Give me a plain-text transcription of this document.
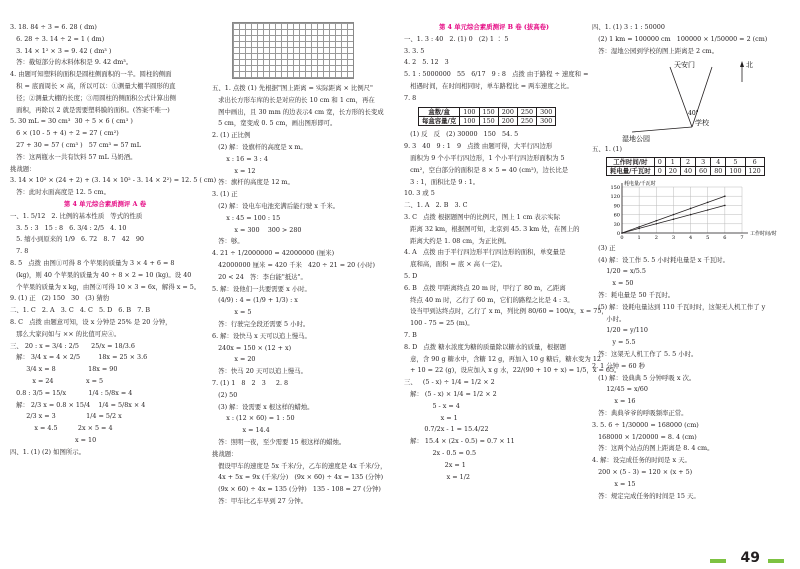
3. 18. 84 ÷ 3 = 6. 28 ( dm)
6. 28 ÷ 3. 14 ÷ 2 = 1 ( dm)
3. 14 × 1² × 3 = 9. 42 ( dm³ )
答：截短部分的木料体积是 9. 42 dm³。
4. 由题可知塑料的面积是圆柱侧面积的一半。圆柱的侧面
积 = 底面周长 × 高，所以可以：①测量大棚半圆形的直
径；②测量大棚的长度；③用圆柱的侧面积公式计算出侧
面积，再除以 2 就是需要塑料膜的面积。(答案不唯一)
5. 30 mL = 30 cm³  30 ÷ 5 × 6 ( cm³ )
6 × (10 - 5 + 4) ÷ 2 = 27 ( cm²)
27 + 30 = 57 ( cm³ )   57 cm³ = 57 mL
答：这两瓶水一共有饮料 57 mL 马奶酒。
挑战题：
3. 14 × 10² × (24 + 2) + (3. 14 × 10² - 3. 14 × 2²) = 12. 5 ( cm)
答：此时水面高度是 12. 5 cm。
第 4 单元综合素质测评 A 卷
一、1. 5/12   2. 比例的基本性质   等式的性质
3. 5 : 3   15 : 8   6. 3/4 : 2/5   4. 10
5. 缩小到原来的 1/9   6. 72   8. 7   42   90
7. 8
8. 5   点拨 由图①可得 8 个苹果的质量为 3 × 4 + 6 = 8
(kg)，则 40 个苹果的质量为 40 ÷ 8 × 2 = 10 (kg)。设 40
个苹果的质量为 x kg，由图②可得 10 × 3 = 6x，解得 x = 5。
9. (1) 正   (2) 150   30   (3) 猜豹
二、1. C   2. A   3. C   4. C   5. D   6. B   7. B
8. C   点拨 由题意可知，设 x 分钟是 25% 是 20 分钟，
那么大家问如与 ×× 的比值可应④。
三、 20 : x = 3/4 : 2/5      25/x = 18/3.6
解： 3/4 x = 4 × 2/5         18x = 25 × 3.6
3/4 x = 8                18x = 90
x = 24                x = 5
0.8 : 3/5 = 15/x           1/4 : 5/8x = 4
解： 2/3 x = 0.8 × 15/4    1/4 = 5/8x × 4
2/3 x = 3               1/4 = 5/2 x
x = 4.5          2x × 5 = 4
x = 10
四、1. (1) (2) 如图所示。
五、1. 点拨 (1) 先根据"图上距离 = 实际距离 × 比例尺"
求出长方形车库的长是对应的长 10 cm 和 1 cm，再在
图中画出，且 30 mm 的边表示4 cm 宽，长方形的长变成
5 cm，宽变成 0. 5 cm，画出图形即可。
2. (1) 正比例
(2) 解：设旗杆的高度是 x m。
x : 16 = 3 : 4
x = 12
答：旗杆的高度是 12 m。
3. (1) 正
(2) 解：设电车电池充满后能行驶 x 千米。
x : 45 = 100 : 15
x = 300    300 > 280
答：够。
4. 21 ÷ 1/2000000 = 42000000 (厘米)
42000000 厘米 = 420 千米   420 ÷ 21 = 20 (小时)
20 < 24   答：李白能"抵达"。
5. 解：设他们一共要需要 x 小时。
(4/9) : 4 = (1/9 + 1/3) : x
x = 5
答：行驶完全段还需要 5 小时。
6. 解：设快马 x 天可以追上慢马。
240x = 150 × (12 + x)
x = 20
答：快马 20 天可以追上慢马。
7. (1) 1   8   2   3     2. 8
(2) 50
(3) 解：设需要 x 根这样的蜡烛。
x : (12 × 60) = 1 : 50
x = 14.4
答：照明一夜，至少需要 15 根这样的蜡烛。
挑战题：
假设甲车的速度是 5x 千米/分，乙车的速度是 4x 千米/分，
4x + 5x = 9x (千米/分)   (9x × 60) ÷ 4x = 135 (分钟)
(9x × 60) ÷ 4x = 135 (分钟)   135 - 108 = 27 (分钟)
答：甲车比乙车早到 27 分钟。
第 4 单元综合素质测评 B 卷 (拔高卷)
一、1. 3 : 40   2. (1) 0   (2) 1 ∶ 5
3. 3. 5
4. 2   5. 12   3
5. 1 : 5000000   55   6/17   9 : 8   点拨 由于路程 ÷ 速度和 =
相遇时间，在时间相同时，单车路程比 = 两车速度之比。
7. 8
盒数/盒	100	150	200	250	300
每盒容量/克	100	150	200	250	300
(1) 反   反   (2) 30000   150   54. 5
9. 3   40   9 : 1   9   点拨 由题可得，大平行四边形
面积为 9 个小平行四边形，1 个小平行四边形面积为 5
cm²，空白部分的面积是 8 × 5 = 40 (cm²)，边长比是
3 : 1，面积比是 9 : 1。
10. 3 或 5
二、1. A   2. B   3. C
3. C   点拨 根据题图中的比例尺，图上 1 cm 表示实际
距离 32 km，根据图可知，北京到 45. 3 km 处，在图上的
距离大约是 1. 08 cm，为正比例。
4. A   点拨 由于平行四边形平行四边形的面积，单变量是
底和高，面积 = 底 × 高 (一定)。
5. D
6. B   点拨 甲距离终点 20 m 时，甲行了 80 m，乙距离
终点 40 m 时，乙行了 60 m，它们的路程之比是 4 : 3。
设当甲到达终点时，乙行了 x m，列比例 80/60 = 100/x，x = 75，
100 - 75 = 25 (m)。
7. B
8. D   点拨 糖水浓度为糖的质量除以糖水的质量，根据题
意，含 90 g 糖水中，含糖 12 g，再加入 10 g 糖后，糖水变为 12
+ 10 = 22 (g)，设应加入 x g 水，22/(90 + 10 + x) = 1/5，x = 65。
三、   (5 - x) ÷ 1/4 = 1/2 × 2
解： (5 - x) × 1/4 = 1/2 × 2
5 - x = 4
x = 1
0.7/2x - 1 = 15.4/22
解： 15.4 × (2x - 0.5) = 0.7 × 11
2x - 0.5 = 0.5
2x = 1
x = 1/2
四、1. (1) 3 : 1 : 50000
(2) 1 km = 100000 cm   100000 × 1/50000 = 2 (cm)
答：湿地公园到学校的图上距离是 2 cm。
北
天安门
学校
湿地公园
40°
五、1. (1)
工作时间/时	0	1	2	3	4	5	6
耗电量/千瓦时	0	20	40	60	80	100	120
0
30
60
90
120
150
0	1	2	3	4	5	6	7
耗电量/千瓦时
工作时间/时
(3) 正
(4) 解：设工作 5. 5 小时耗电量是 x 千瓦时。
1/20 = x/5.5
x = 50
答：耗电量是 50 千瓦时。
(5) 解：设耗电量达到 110 千瓦时时，这架无人机工作了 y
小时。
1/20 = y/110
y = 5.5
答：这架无人机工作了 5. 5 小时。
2. 1 分钟 = 60 秒
(1) 解：设典典 5 分钟呼吸 x 次。
12/45 = x/60
x = 16
答：典典爷爷的呼吸频率正常。
3. 5. 6 ÷ 1/30000 = 168000 (cm)
168000 × 1/20000 = 8. 4 (cm)
答：这两个站点的图上距离是 8. 4 cm。
4. 解：设完成任务的时间是 x 天。
200 × (5 - 3) = 120 × (x + 5)
x = 15
答：规定完成任务的时间是 15 天。
49
